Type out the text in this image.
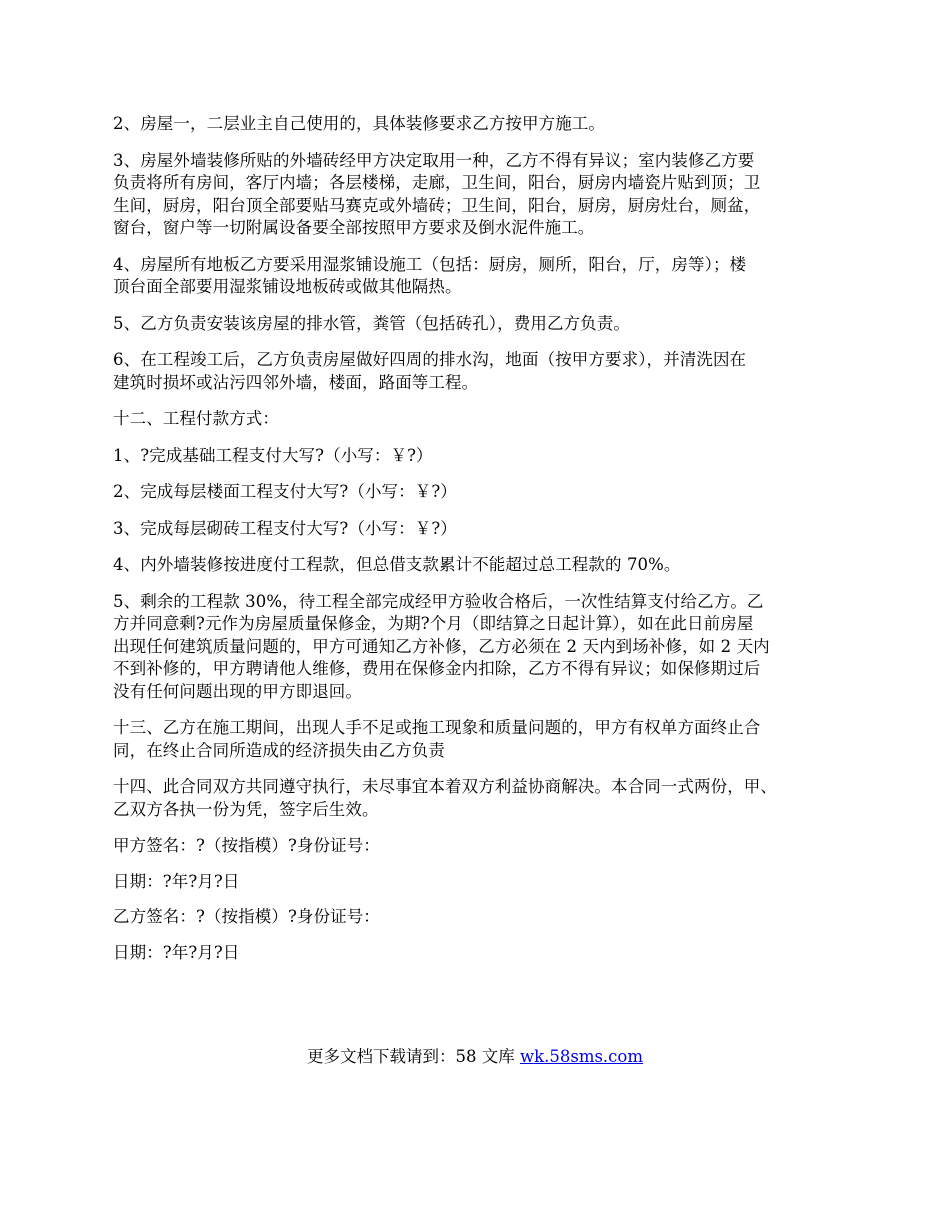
2、房屋一，二层业主自己使用的，具体装修要求乙方按甲方施工。

3、房屋外墙装修所贴的外墙砖经甲方决定取用一种，乙方不得有异议；室内装修乙方要
负责将所有房间，客厅内墙；各层楼梯，走廊，卫生间，阳台，厨房内墙瓷片贴到顶；卫
生间，厨房，阳台顶全部要贴马赛克或外墙砖；卫生间，阳台，厨房，厨房灶台，厕盆，
窗台，窗户等一切附属设备要全部按照甲方要求及倒水泥件施工。

4、房屋所有地板乙方要采用湿浆铺设施工（包括：厨房，厕所，阳台，厅，房等）；楼
顶台面全部要用湿浆铺设地板砖或做其他隔热。

5、乙方负责安装该房屋的排水管，粪管（包括砖孔），费用乙方负责。

6、在工程竣工后，乙方负责房屋做好四周的排水沟，地面（按甲方要求），并清洗因在
建筑时损坏或沾污四邻外墙，楼面，路面等工程。

十二、工程付款方式：

1、?完成基础工程支付大写?（小写：￥?）

2、完成每层楼面工程支付大写?（小写：￥?）

3、完成每层砌砖工程支付大写?（小写：￥?）

4、内外墙装修按进度付工程款，但总借支款累计不能超过总工程款的 70%。

5、剩余的工程款 30%，待工程全部完成经甲方验收合格后，一次性结算支付给乙方。乙
方并同意剩?元作为房屋质量保修金，为期?个月（即结算之日起计算），如在此日前房屋
出现任何建筑质量问题的，甲方可通知乙方补修，乙方必须在 2 天内到场补修，如 2 天内
不到补修的，甲方聘请他人维修，费用在保修金内扣除，乙方不得有异议；如保修期过后
没有任何问题出现的甲方即退回。

十三、乙方在施工期间，出现人手不足或拖工现象和质量问题的，甲方有权单方面终止合
同，在终止合同所造成的经济损失由乙方负责

十四、此合同双方共同遵守执行，未尽事宜本着双方利益协商解决。本合同一式两份，甲、
乙双方各执一份为凭，签字后生效。

甲方签名：?（按指模）?身份证号：

日期：?年?月?日

乙方签名：?（按指模）?身份证号：

日期：?年?月?日

更多文档下载请到：58 文库 wk.58sms.com
